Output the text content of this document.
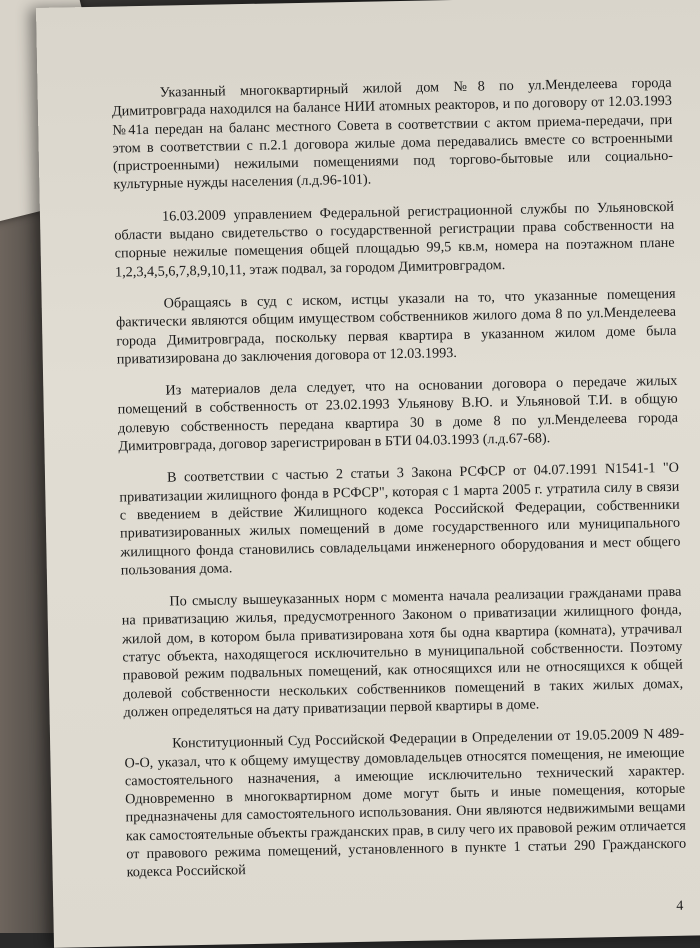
Указанный многоквартирный жилой дом №8 по ул.Менделеева города Димитровграда находился на балансе НИИ атомных реакторов, и по договору от 12.03.1993 №41а передан на баланс местного Совета в соответствии с актом приема-передачи, при этом в соответствии с п.2.1 договора жилые дома передавались вместе со встроенными (пристроенными) нежилыми помещениями под торгово-бытовые или социально-культурные нужды населения (л.д.96-101).

16.03.2009 управлением Федеральной регистрационной службы по Ульяновской области выдано свидетельство о государственной регистрации права собственности на спорные нежилые помещения общей площадью 99,5 кв.м, номера на поэтажном плане 1,2,3,4,5,6,7,8,9,10,11, этаж подвал, за городом Димитровградом.

Обращаясь в суд с иском, истцы указали на то, что указанные помещения фактически являются общим имуществом собственников жилого дома 8 по ул.Менделеева города Димитровграда, поскольку первая квартира в указанном жилом доме была приватизирована до заключения договора от 12.03.1993.

Из материалов дела следует, что на основании договора о передаче жилых помещений в собственность от 23.02.1993 Ульянову В.Ю. и Ульяновой Т.И. в общую долевую собственность передана квартира 30 в доме 8 по ул.Менделеева города Димитровграда, договор зарегистрирован в БТИ 04.03.1993 (л.д.67-68).

В соответствии с частью 2 статьи 3 Закона РСФСР от 04.07.1991 N1541-1 "О приватизации жилищного фонда в РСФСР", которая с 1 марта 2005 г. утратила силу в связи с введением в действие Жилищного кодекса Российской Федерации, собственники приватизированных жилых помещений в доме государственного или муниципального жилищного фонда становились совладельцами инженерного оборудования и мест общего пользования дома.

По смыслу вышеуказанных норм с момента начала реализации гражданами права на приватизацию жилья, предусмотренного Законом о приватизации жилищного фонда, жилой дом, в котором была приватизирована хотя бы одна квартира (комната), утрачивал статус объекта, находящегося исключительно в муниципальной собственности. Поэтому правовой режим подвальных помещений, как относящихся или не относящихся к общей долевой собственности нескольких собственников помещений в таких жилых домах, должен определяться на дату приватизации первой квартиры в доме.

Конституционный Суд Российской Федерации в Определении от 19.05.2009 N 489-О-О, указал, что к общему имуществу домовладельцев относятся помещения, не имеющие самостоятельного назначения, а имеющие исключительно технический характер. Одновременно в многоквартирном доме могут быть и иные помещения, которые предназначены для самостоятельного использования. Они являются недвижимыми вещами как самостоятельные объекты гражданских прав, в силу чего их правовой режим отличается от правового режима помещений, установленного в пункте 1 статьи 290 Гражданского кодекса Российской

4
